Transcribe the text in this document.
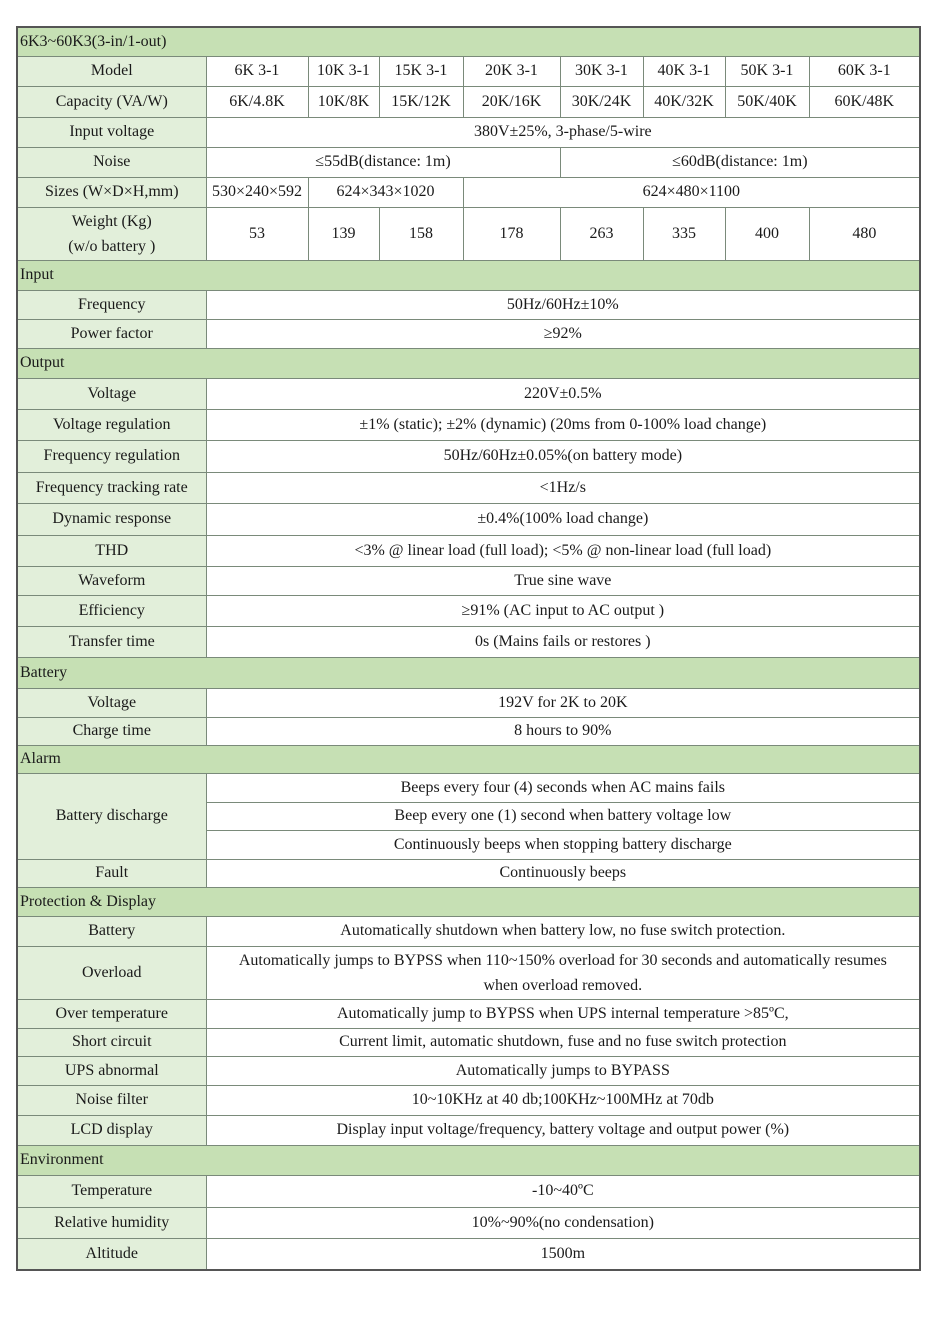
6K3~60K3(3-in/1-out)								
Model	6K 3-1	10K 3-1	15K 3-1	20K 3-1	30K 3-1	40K 3-1	50K 3-1	60K 3-1
Capacity (VA/W)	6K/4.8K	10K/8K	15K/12K	20K/16K	30K/24K	40K/32K	50K/40K	60K/48K
Input voltage	380V±25%, 3-phase/5-wire							
Noise	≤55dB(distance: 1m)				≤60dB(distance: 1m)			
Sizes (W×D×H,mm)	530×240×592	624×343×1020		624×480×1100				
Weight (Kg)
(w/o battery )	53	139	158	178	263	335	400	480
Input								
Frequency	50Hz/60Hz±10%							
Power factor	≥92%							
Output								
Voltage	220V±0.5%							
Voltage regulation	±1% (static); ±2% (dynamic) (20ms from 0-100% load change)							
Frequency regulation	50Hz/60Hz±0.05%(on battery mode)							
Frequency tracking rate	<1Hz/s							
Dynamic response	±0.4%(100% load change)							
THD	<3% @ linear load (full load); <5% @ non-linear load (full load)							
Waveform	True sine wave							
Efficiency	≥91% (AC input to AC output )							
Transfer time	0s (Mains fails or restores )							
Battery								
Voltage	192V for 2K to 20K							
Charge time	8 hours to 90%							
Alarm								
Battery discharge	Beeps every four (4) seconds when AC mains fails							
	Beep every one (1) second when battery voltage low							
	Continuously beeps when stopping battery discharge							
Fault	Continuously beeps							
Protection & Display								
Battery	Automatically shutdown when battery low, no fuse switch protection.							
Overload	Automatically jumps to BYPSS when 110~150% overload for 30 seconds and automatically resumes when overload removed.							
Over temperature	Automatically jump to BYPSS when UPS internal temperature >85ºC,							
Short circuit	Current limit, automatic shutdown, fuse and no fuse switch protection							
UPS abnormal	Automatically jumps to BYPASS							
Noise filter	10~10KHz at 40 db;100KHz~100MHz at 70db							
LCD display	Display input voltage/frequency, battery voltage and output power (%)							
Environment								
Temperature	-10~40ºC							
Relative humidity	10%~90%(no condensation)							
Altitude	1500m							
